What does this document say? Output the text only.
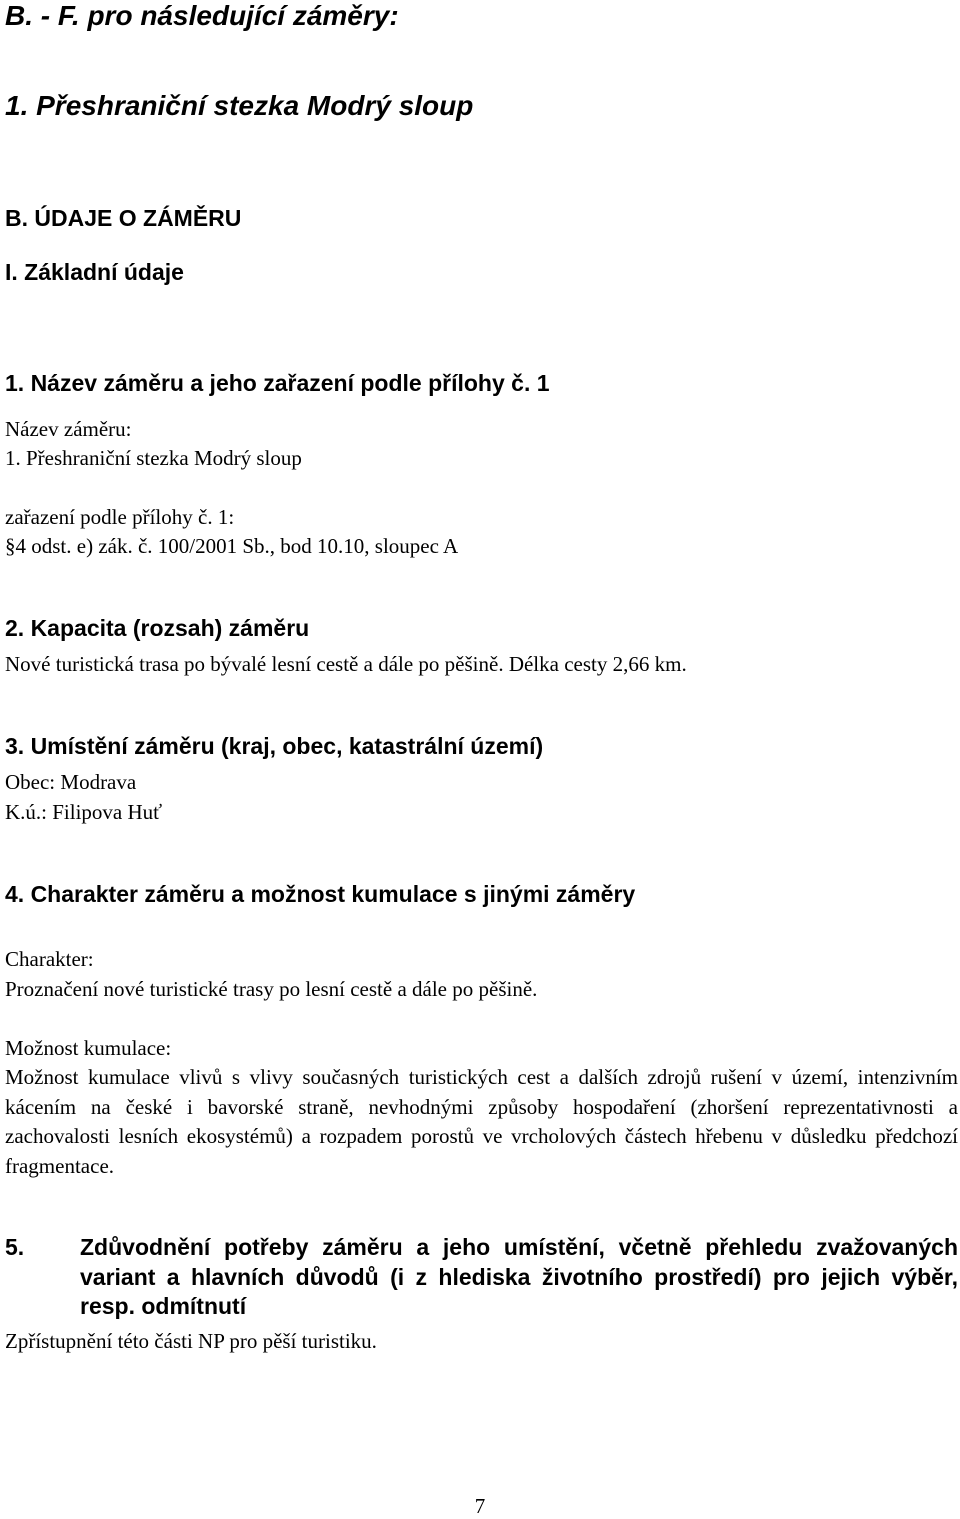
B. - F. pro následující záměry:
1. Přeshraniční stezka Modrý sloup
B. ÚDAJE O ZÁMĚRU
I. Základní údaje
1. Název záměru a jeho zařazení podle přílohy č. 1
Název záměru:
1. Přeshraniční stezka Modrý sloup
zařazení podle přílohy č. 1:
§4 odst. e) zák. č. 100/2001 Sb., bod 10.10, sloupec A
2. Kapacita (rozsah) záměru
Nové turistická trasa po bývalé lesní cestě a dále po pěšině. Délka cesty 2,66 km.
3. Umístění záměru (kraj, obec, katastrální území)
Obec: Modrava
K.ú.: Filipova Huť
4. Charakter záměru a možnost kumulace s jinými záměry
Charakter:
Proznačení nové turistické trasy po lesní cestě a dále po pěšině.
Možnost kumulace:
Možnost kumulace vlivů s vlivy současných turistických cest a dalších zdrojů rušení v území, intenzivním kácením na české i bavorské straně, nevhodnými způsoby hospodaření (zhoršení reprezentativnosti a zachovalosti lesních ekosystémů) a rozpadem porostů ve vrcholových částech hřebenu v důsledku předchozí fragmentace.
5. Zdůvodnění potřeby záměru a jeho umístění, včetně přehledu zvažovaných variant a hlavních důvodů (i z hlediska životního prostředí) pro jejich výběr, resp. odmítnutí
Zpřístupnění této části NP pro pěší turistiku.
7
